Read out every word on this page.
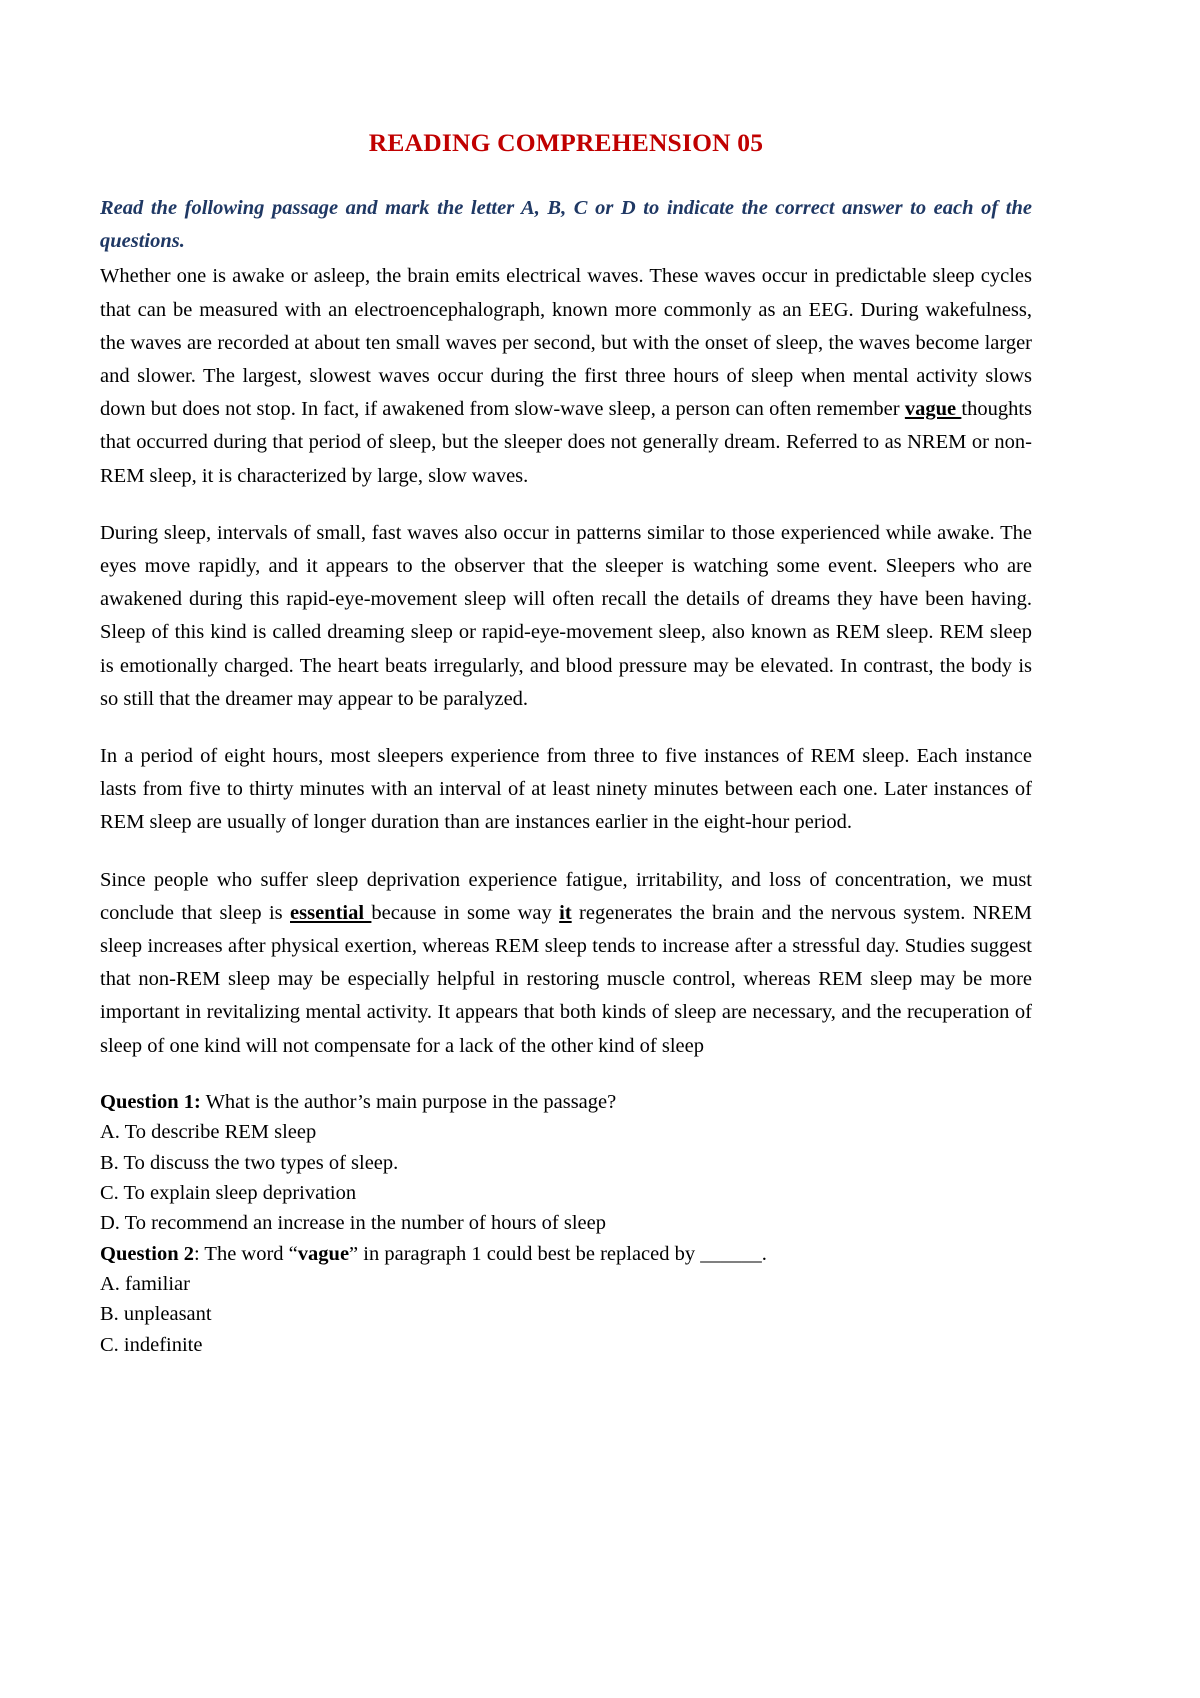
READING COMPREHENSION 05
Read the following passage and mark the letter A, B, C or D to indicate the correct answer to each of the questions.

Whether one is awake or asleep, the brain emits electrical waves. These waves occur in predictable sleep cycles that can be measured with an electroencephalograph, known more commonly as an EEG. During wakefulness, the waves are recorded at about ten small waves per second, but with the onset of sleep, the waves become larger and slower. The largest, slowest waves occur during the first three hours of sleep when mental activity slows down but does not stop. In fact, if awakened from slow-wave sleep, a person can often remember vague thoughts that occurred during that period of sleep, but the sleeper does not generally dream. Referred to as NREM or non-REM sleep, it is characterized by large, slow waves.

During sleep, intervals of small, fast waves also occur in patterns similar to those experienced while awake. The eyes move rapidly, and it appears to the observer that the sleeper is watching some event. Sleepers who are awakened during this rapid-eye-movement sleep will often recall the details of dreams they have been having. Sleep of this kind is called dreaming sleep or rapid-eye-movement sleep, also known as REM sleep. REM sleep is emotionally charged. The heart beats irregularly, and blood pressure may be elevated. In contrast, the body is so still that the dreamer may appear to be paralyzed.

In a period of eight hours, most sleepers experience from three to five instances of REM sleep. Each instance lasts from five to thirty minutes with an interval of at least ninety minutes between each one. Later instances of REM sleep are usually of longer duration than are instances earlier in the eight-hour period.

Since people who suffer sleep deprivation experience fatigue, irritability, and loss of concentration, we must conclude that sleep is essential because in some way it regenerates the brain and the nervous system. NREM sleep increases after physical exertion, whereas REM sleep tends to increase after a stressful day. Studies suggest that non-REM sleep may be especially helpful in restoring muscle control, whereas REM sleep may be more important in revitalizing mental activity. It appears that both kinds of sleep are necessary, and the recuperation of sleep of one kind will not compensate for a lack of the other kind of sleep

Question 1: What is the author’s main purpose in the passage?

A. To describe REM sleep

B. To discuss the two types of sleep.

C. To explain sleep deprivation

D. To recommend an increase in the number of hours of sleep

Question 2: The word “vague” in paragraph 1 could best be replaced by ______.

A. familiar

B. unpleasant

C. indefinite
